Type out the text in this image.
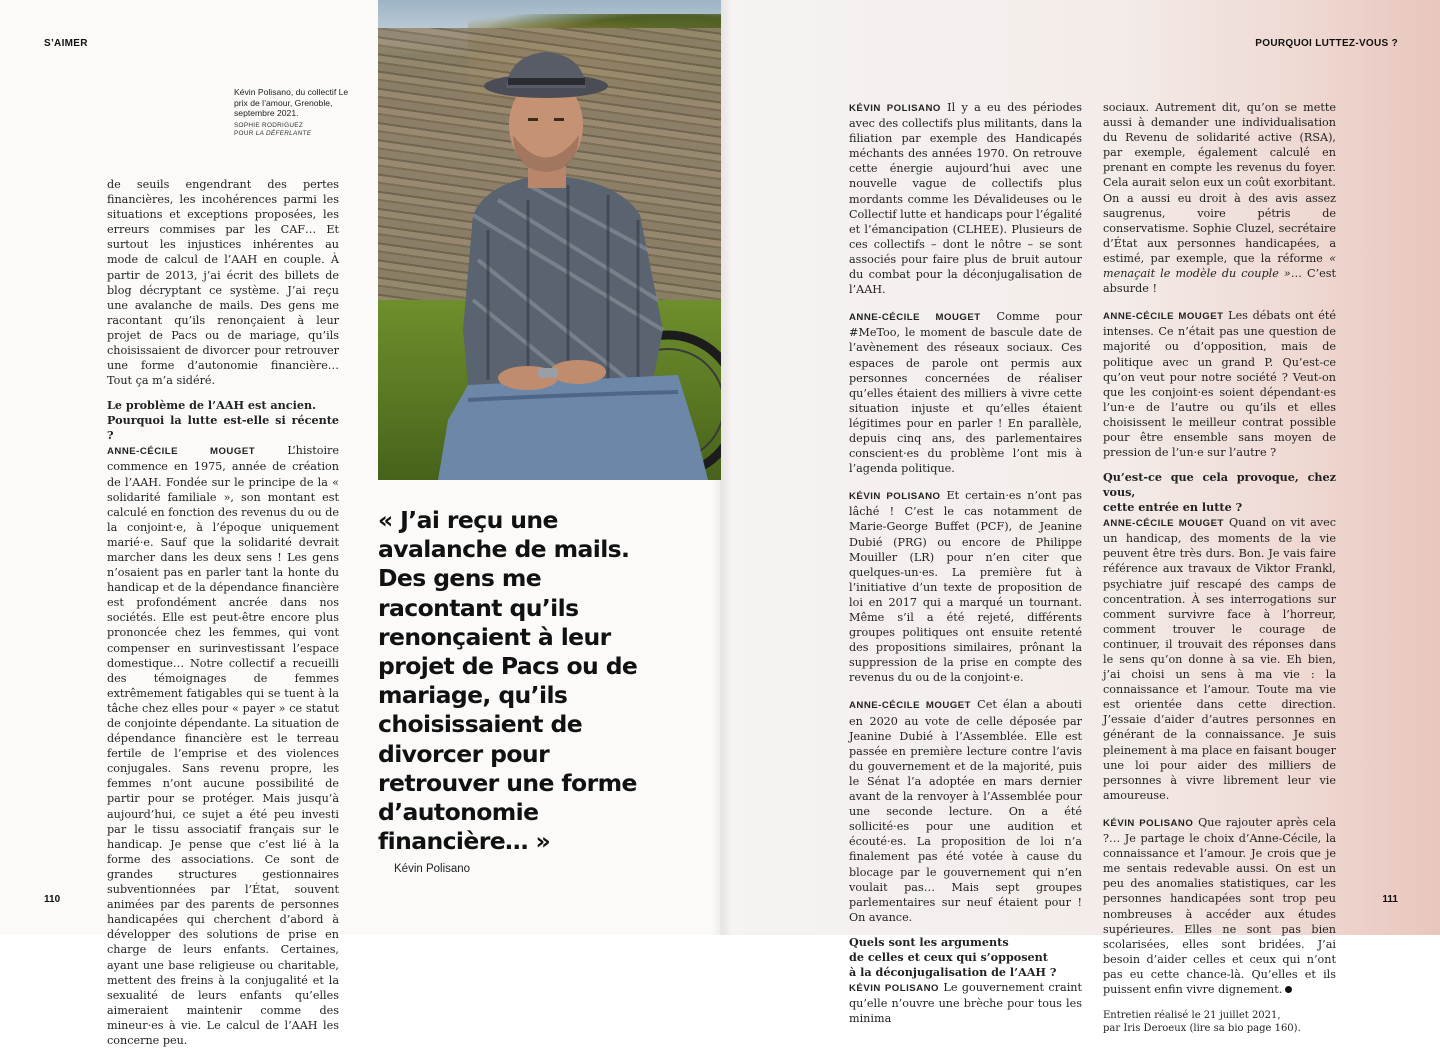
S’AIMER	POURQUOI LUTTEZ-VOUS ?
Kévin Polisano, du collectif Le prix de l’amour, Grenoble, septembre 2021.
SOPHIE RODRIGUEZ
POUR LA DÉFERLANTE
« J’ai reçu une avalanche de mails. Des gens me racontant qu’ils renonçaient à leur projet de Pacs ou de mariage, qu’ils choisissaient de divorcer pour retrouver une forme d’autonomie financière… »
Kévin Polisano

de seuils engendrant des pertes financières, les incohérences parmi les situations et exceptions proposées, les erreurs commises par les CAF… Et surtout les injustices inhérentes au mode de calcul de l’AAH en couple. À partir de 2013, j’ai écrit des billets de blog décryptant ce système. J’ai reçu une avalanche de mails. Des gens me racontant qu’ils renonçaient à leur projet de Pacs ou de mariage, qu’ils choisissaient de divorcer pour retrouver une forme d’autonomie financière… Tout ça m’a sidéré.

Le problème de l’AAH est ancien.
Pourquoi la lutte est-elle si récente ?

ANNE-CÉCILE MOUGET L’histoire commence en 1975, année de création de l’AAH. Fondée sur le principe de la « solidarité familiale », son montant est calculé en fonction des revenus du ou de la conjoint·e, à l’époque uniquement marié·e. Sauf que la solidarité devrait marcher dans les deux sens ! Les gens n’osaient pas en parler tant la honte du handicap et de la dépendance financière est profondément ancrée dans nos sociétés. Elle est peut-être encore plus prononcée chez les femmes, qui vont compenser en surinvestissant l’espace domestique… Notre collectif a recueilli des témoignages de femmes extrêmement fatigables qui se tuent à la tâche chez elles pour « payer » ce statut de conjointe dépendante. La situation de dépendance financière est le terreau fertile de l’emprise et des violences conjugales. Sans revenu propre, les femmes n’ont aucune possibilité de partir pour se protéger. Mais jusqu’à aujourd’hui, ce sujet a été peu investi par le tissu associatif français sur le handicap. Je pense que c’est lié à la forme des associations. Ce sont de grandes structures gestionnaires subventionnées par l’État, souvent animées par des parents de personnes handicapées qui cherchent d’abord à développer des solutions de prise en charge de leurs enfants. Certaines, ayant une base religieuse ou charitable, mettent des freins à la conjugalité et la sexualité de leurs enfants qu’elles aimeraient maintenir comme des mineur·es à vie. Le calcul de l’AAH les concerne peu.

KÉVIN POLISANO Il y a eu des périodes avec des collectifs plus militants, dans la filiation par exemple des Handicapés méchants des années 1970. On retrouve cette énergie aujourd’hui avec une nouvelle vague de collectifs plus mordants comme les Dévalideuses ou le Collectif lutte et handicaps pour l’égalité et l’émancipation (CLHEE). Plusieurs de ces collectifs – dont le nôtre – se sont associés pour faire plus de bruit autour du combat pour la déconjugalisation de l’AAH.

ANNE-CÉCILE MOUGET Comme pour #MeToo, le moment de bascule date de l’avènement des réseaux sociaux. Ces espaces de parole ont permis aux personnes concernées de réaliser qu’elles étaient des milliers à vivre cette situation injuste et qu’elles étaient légitimes pour en parler ! En parallèle, depuis cinq ans, des parlementaires conscient·es du problème l’ont mis à l’agenda politique.

KÉVIN POLISANO Et certain·es n’ont pas lâché ! C’est le cas notamment de Marie-George Buffet (PCF), de Jeanine Dubié (PRG) ou encore de Philippe Mouiller (LR) pour n’en citer que quelques-un·es. La première fut à l’initiative d’un texte de proposition de loi en 2017 qui a marqué un tournant. Même s’il a été rejeté, différents groupes politiques ont ensuite retenté des propositions similaires, prônant la suppression de la prise en compte des revenus du ou de la conjoint·e.

ANNE-CÉCILE MOUGET Cet élan a abouti en 2020 au vote de celle déposée par Jeanine Dubié à l’Assemblée. Elle est passée en première lecture contre l’avis du gouvernement et de la majorité, puis le Sénat l’a adoptée en mars dernier avant de la renvoyer à l’Assemblée pour une seconde lecture. On a été sollicité·es pour une audition et écouté·es. La proposition de loi n’a finalement pas été votée à cause du blocage par le gouvernement qui n’en voulait pas… Mais sept groupes parlementaires sur neuf étaient pour ! On avance.

Quels sont les arguments
de celles et ceux qui s’opposent
à la déconjugalisation de l’AAH ?

KÉVIN POLISANO Le gouvernement craint qu’elle n’ouvre une brèche pour tous les minima

sociaux. Autrement dit, qu’on se mette aussi à demander une individualisation du Revenu de solidarité active (RSA), par exemple, également calculé en prenant en compte les revenus du foyer. Cela aurait selon eux un coût exorbitant. On a aussi eu droit à des avis assez saugrenus, voire pétris de conservatisme. Sophie Cluzel, secrétaire d’État aux personnes handicapées, a estimé, par exemple, que la réforme « menaçait le modèle du couple »… C’est absurde !

ANNE-CÉCILE MOUGET Les débats ont été intenses. Ce n’était pas une question de majorité ou d’opposition, mais de politique avec un grand P. Qu’est-ce qu’on veut pour notre société ? Veut-on que les conjoint·es soient dépendant·es l’un·e de l’autre ou qu’ils et elles choisissent le meilleur contrat possible pour être ensemble sans moyen de pression de l’un·e sur l’autre ?

Qu’est-ce que cela provoque, chez vous,
cette entrée en lutte ?

ANNE-CÉCILE MOUGET Quand on vit avec un handicap, des moments de la vie peuvent être très durs. Bon. Je vais faire référence aux travaux de Viktor Frankl, psychiatre juif rescapé des camps de concentration. À ses interrogations sur comment survivre face à l’horreur, comment trouver le courage de continuer, il trouvait des réponses dans le sens qu’on donne à sa vie. Eh bien, j’ai choisi un sens à ma vie : la connaissance et l’amour. Toute ma vie est orientée dans cette direction. J’essaie d’aider d’autres personnes en générant de la connaissance. Je suis pleinement à ma place en faisant bouger une loi pour aider des milliers de personnes à vivre librement leur vie amoureuse.

KÉVIN POLISANO Que rajouter après cela ?… Je partage le choix d’Anne-Cécile, la connaissance et l’amour. Je crois que je me sentais redevable aussi. On est un peu des anomalies statistiques, car les personnes handicapées sont trop peu nombreuses à accéder aux études supérieures. Elles ne sont pas bien scolarisées, elles sont bridées. J’ai besoin d’aider celles et ceux qui n’ont pas eu cette chance-là. Qu’elles et ils puissent enfin vivre dignement.

Entretien réalisé le 21 juillet 2021,
par Iris Deroeux (lire sa bio page 160).
110	111
